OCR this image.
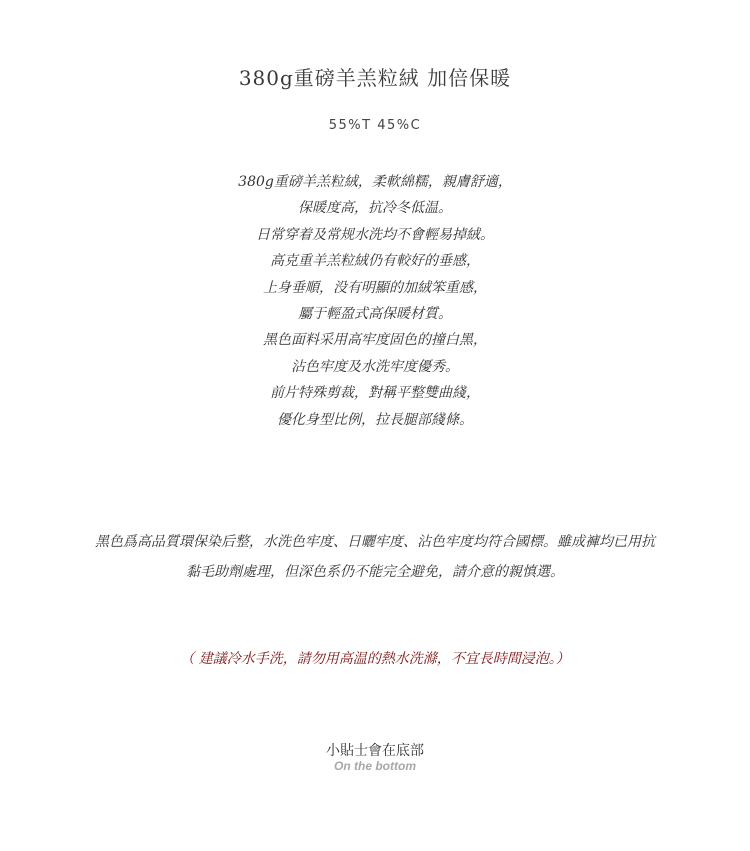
380g重磅羊羔粒絨 加倍保暖
55%T 45%C
380g重磅羊羔粒絨，柔軟綿糯，親膚舒適，
保暖度高，抗冷冬低温。
日常穿着及常规水洗均不會輕易掉絨。
高克重羊羔粒絨仍有較好的垂感，
上身垂順，没有明顯的加絨笨重感，
屬于輕盈式高保暖材質。
黑色面料采用高牢度固色的撞白黑，
沾色牢度及水洗牢度優秀。
前片特殊剪裁，對稱平整雙曲綫，
優化身型比例，拉長腿部綫條。
黑色爲高品質環保染后整，水洗色牢度、日曬牢度、沾色牢度均符合國標。雖成褲均已用抗
黏毛助劑處理，但深色系仍不能完全避免，請介意的親慎選。
（ 建議冷水手洗，請勿用高温的熱水洗滌，不宜長時間浸泡。）
小貼士會在底部
On the bottom
